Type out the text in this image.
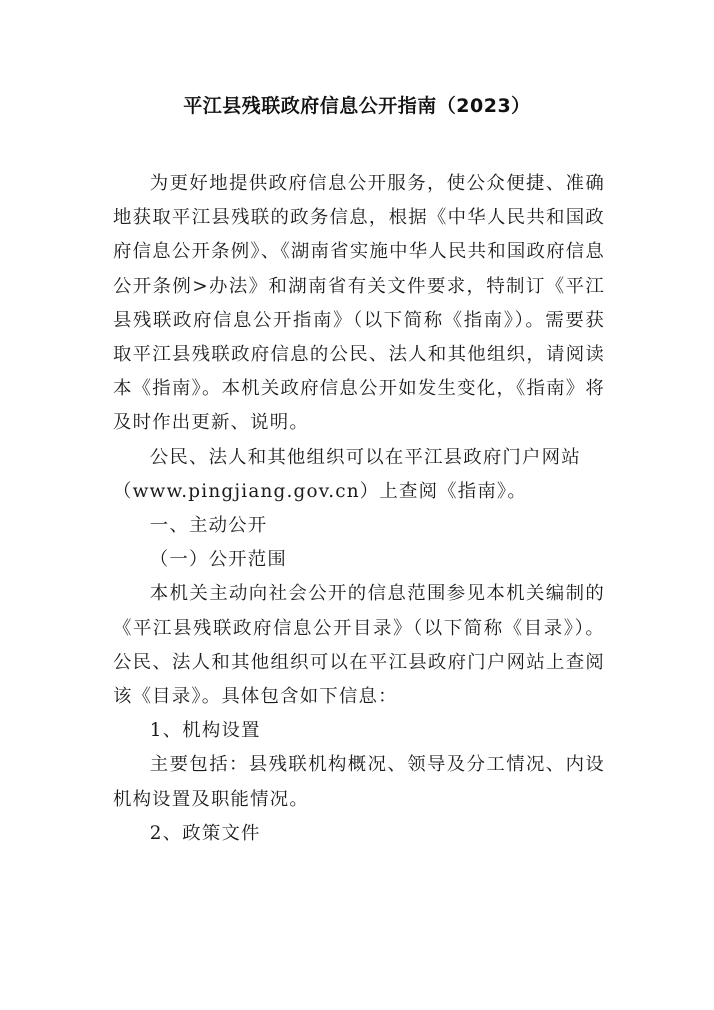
平江县残联政府信息公开指南（2023）

为更好地提供政府信息公开服务，使公众便捷、准确地获取平江县残联的政务信息，根据《中华人民共和国政府信息公开条例》、《湖南省实施中华人民共和国政府信息公开条例>办法》和湖南省有关文件要求，特制订《平江县残联政府信息公开指南》（以下简称《指南》）。需要获取平江县残联政府信息的公民、法人和其他组织，请阅读本《指南》。本机关政府信息公开如发生变化，《指南》将及时作出更新、说明。

公民、法人和其他组织可以在平江县政府门户网站

（www.pingjiang.gov.cn）上查阅《指南》。

一、主动公开

（一）公开范围

本机关主动向社会公开的信息范围参见本机关编制的《平江县残联政府信息公开目录》（以下简称《目录》）。公民、法人和其他组织可以在平江县政府门户网站上查阅该《目录》。具体包含如下信息：

1、机构设置

主要包括：县残联机构概况、领导及分工情况、内设机构设置及职能情况。

2、政策文件
